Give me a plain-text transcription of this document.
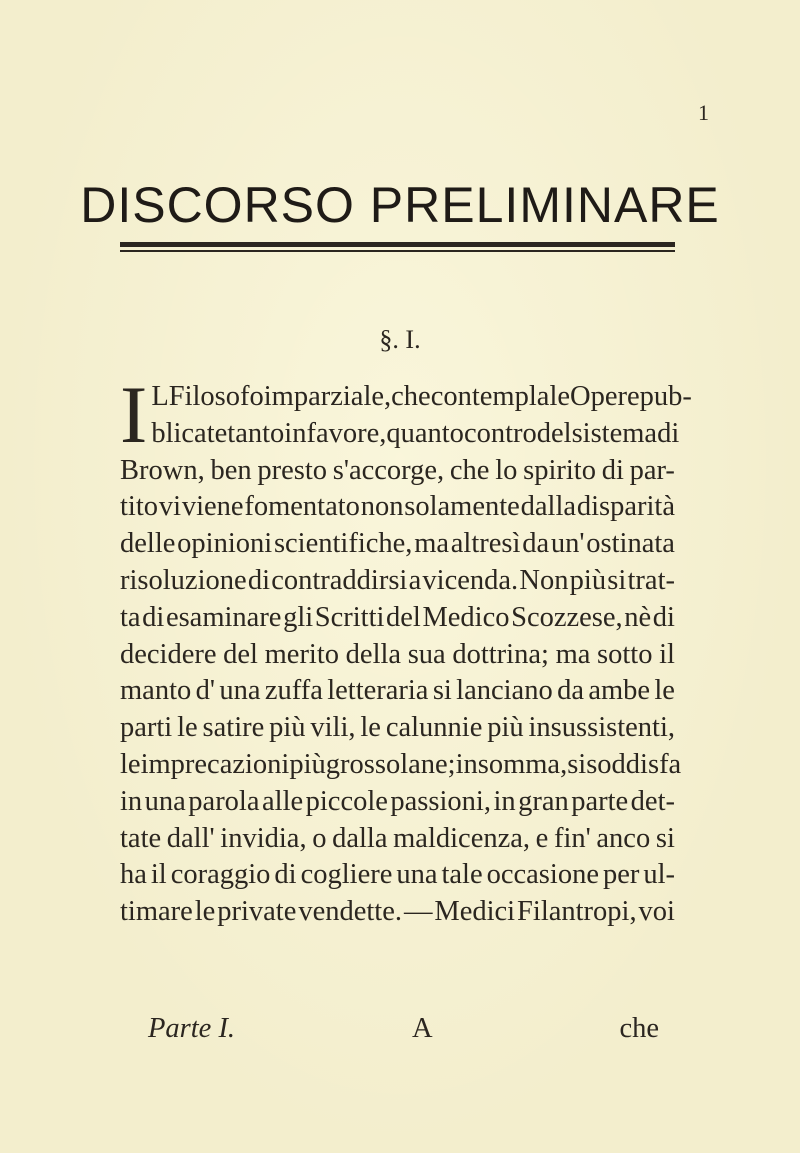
1
DISCORSO PRELIMINARE
§. I.
I L Filosofo imparziale, che contempla le Opere pub-
blicate tanto in favore, quanto contro del sistema di
Brown, ben presto s'accorge, che lo spirito di par-
tito vi viene fomentato non solamente dalla disparità
delle opinioni scientifiche, ma altresì da un' ostinata
risoluzione di contraddirsi a vicenda. Non più si trat-
ta di esaminare gli Scritti del Medico Scozzese, nè di
decidere del merito della sua dottrina; ma sotto il
manto d' una zuffa letteraria si lanciano da ambe le
parti le satire più vili, le calunnie più insussistenti,
le imprecazioni più grossolane; in somma, si soddisfa
in una parola alle piccole passioni, in gran parte det-
tate dall' invidia, o dalla maldicenza, e fin' anco si
ha il coraggio di cogliere una tale occasione per ul-
timare le private vendette. — Medici Filantropi, voi
Parte I.	A	che
